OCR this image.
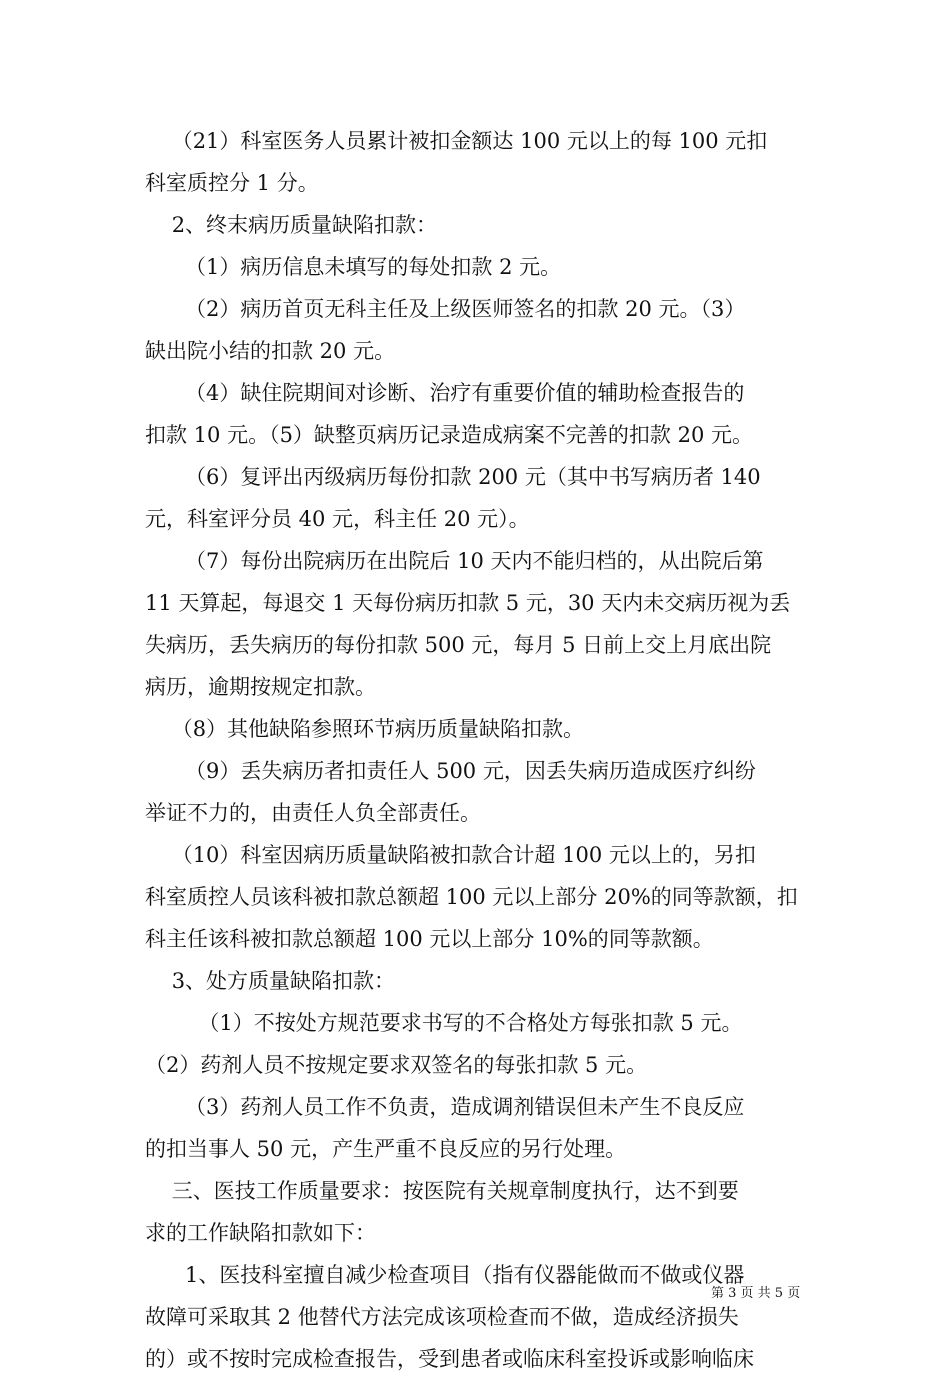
（21）科室医务人员累计被扣金额达 100 元以上的每 100 元扣
科室质控分 1 分。
2、终末病历质量缺陷扣款：
（1）病历信息未填写的每处扣款 2 元。
（2）病历首页无科主任及上级医师签名的扣款 20 元。（3）
缺出院小结的扣款 20 元。
（4）缺住院期间对诊断、治疗有重要价值的辅助检查报告的
扣款 10 元。（5）缺整页病历记录造成病案不完善的扣款 20 元。
（6）复评出丙级病历每份扣款 200 元（其中书写病历者 140
元，科室评分员 40 元，科主任 20 元）。
（7）每份出院病历在出院后 10 天内不能归档的，从出院后第
11 天算起，每退交 1 天每份病历扣款 5 元，30 天内未交病历视为丢
失病历，丢失病历的每份扣款 500 元，每月 5 日前上交上月底出院
病历，逾期按规定扣款。
（8）其他缺陷参照环节病历质量缺陷扣款。
（9）丢失病历者扣责任人 500 元，因丢失病历造成医疗纠纷
举证不力的，由责任人负全部责任。
（10）科室因病历质量缺陷被扣款合计超 100 元以上的，另扣
科室质控人员该科被扣款总额超 100 元以上部分 20%的同等款额，扣
科主任该科被扣款总额超 100 元以上部分 10%的同等款额。
3、处方质量缺陷扣款：
（1）不按处方规范要求书写的不合格处方每张扣款 5 元。
（2）药剂人员不按规定要求双签名的每张扣款 5 元。
（3）药剂人员工作不负责，造成调剂错误但未产生不良反应
的扣当事人 50 元，产生严重不良反应的另行处理。
三、医技工作质量要求：按医院有关规章制度执行，达不到要
求的工作缺陷扣款如下：
1、医技科室擅自减少检查项目（指有仪器能做而不做或仪器
故障可采取其 2 他替代方法完成该项检查而不做，造成经济损失
的）或不按时完成检查报告，受到患者或临床科室投诉或影响临床
第 3 页 共 5 页
